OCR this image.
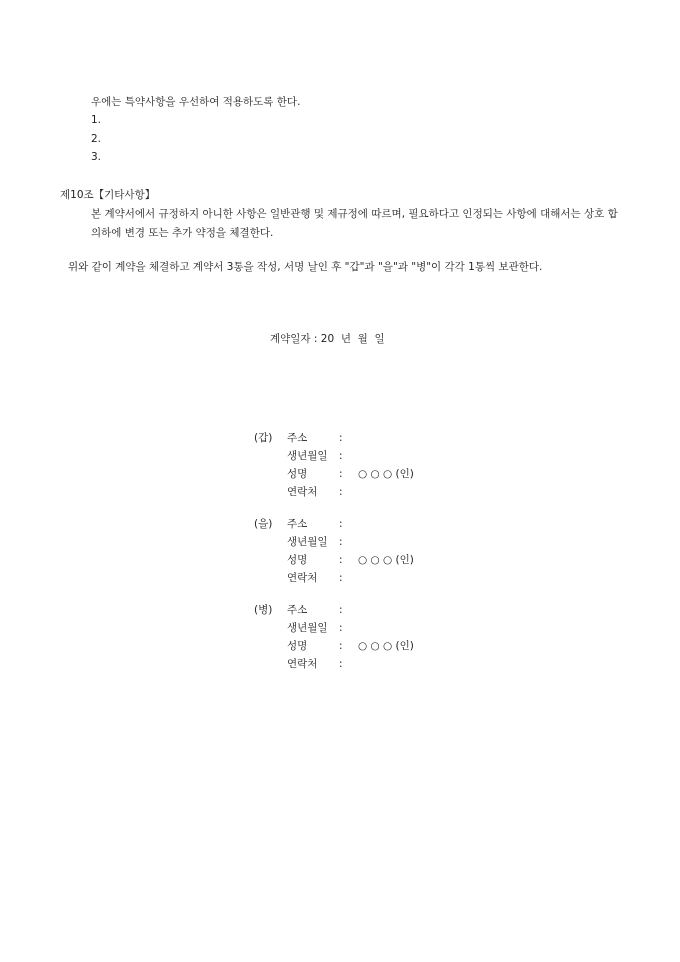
우에는 특약사항을 우선하여 적용하도록 한다.
1.
2.
3.
제10조【기타사항】
본 계약서에서 규정하지 아니한 사항은 일반관행 및 제규정에 따르며, 필요하다고 인정되는 사항에 대해서는 상호 합의하에 변경 또는 추가 약정을 체결한다.
위와 같이 계약을 체결하고 계약서 3통을 작성, 서명 날인 후 "갑"과 "을"과 "병"이 각각 1통씩 보관한다.
계약일자 : 20  년  월  일
(갑) 주소	:
생년월일	:
성명	: ○ ○ ○ (인)
연락처	:
(을) 주소	:
생년월일	:
성명	: ○ ○ ○ (인)
연락처	:
(병) 주소	:
생년월일	:
성명	: ○ ○ ○ (인)
연락처	:
